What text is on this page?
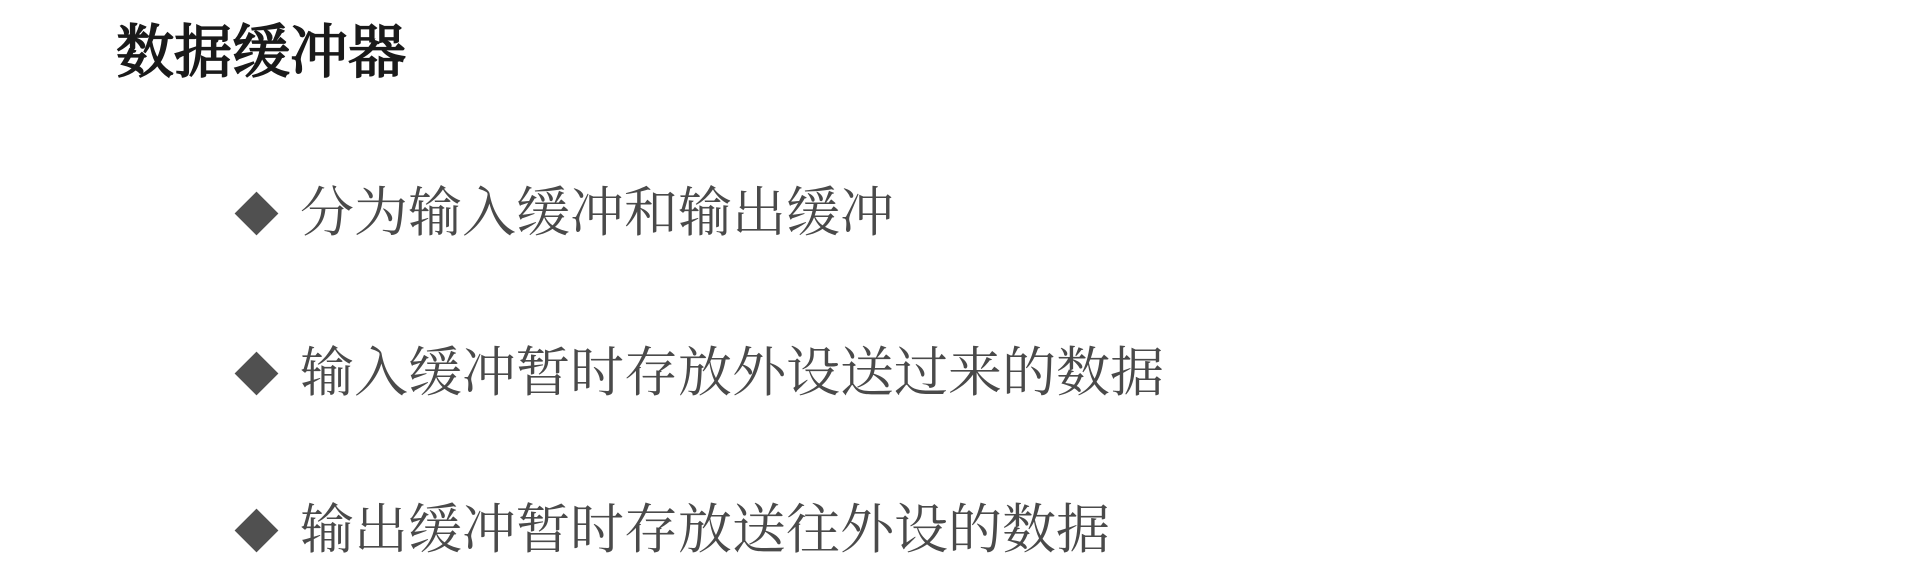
数据缓冲器
分为输入缓冲和输出缓冲
输入缓冲暂时存放外设送过来的数据
输出缓冲暂时存放送往外设的数据
